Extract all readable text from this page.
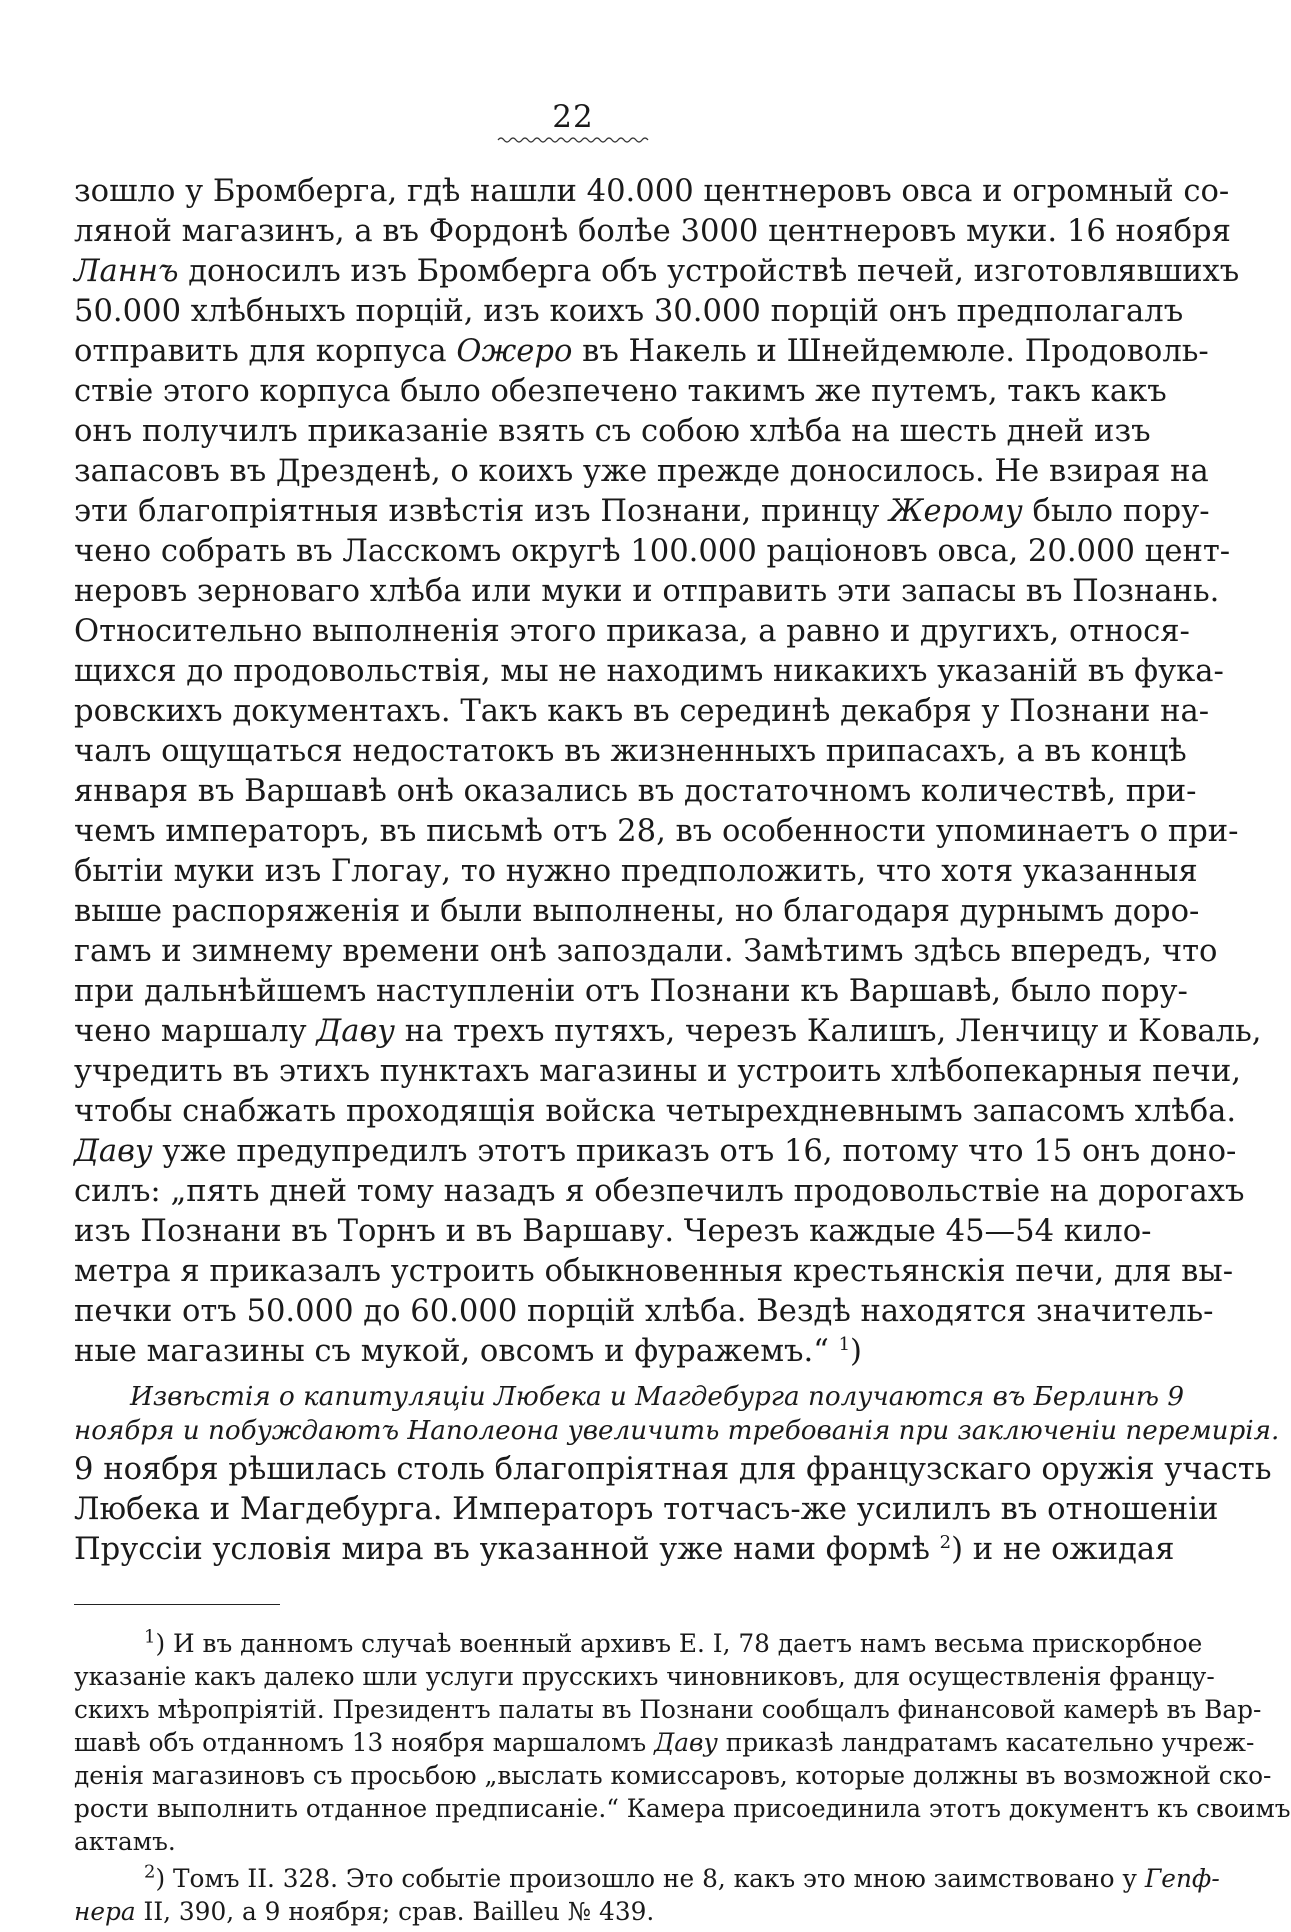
22
зошло у Бромберга, гдѣ нашли 40.000 центнеровъ овса и огромный со-
ляной магазинъ, а въ Фордонѣ болѣе 3000 центнеровъ муки. 16 ноября
Ланнъ доносилъ изъ Бромберга объ устройствѣ печей, изготовлявшихъ
50.000 хлѣбныхъ порцій, изъ коихъ 30.000 порцій онъ предполагалъ
отправить для корпуса Ожеро въ Накель и Шнейдемюле. Продоволь-
ствіе этого корпуса было обезпечено такимъ же путемъ, такъ какъ
онъ получилъ приказаніе взять съ собою хлѣба на шесть дней изъ
запасовъ въ Дрезденѣ, о коихъ уже прежде доносилось. Не взирая на
эти благопріятныя извѣстія изъ Познани, принцу Жерому было пору-
чено собрать въ Ласскомъ округѣ 100.000 раціоновъ овса, 20.000 цент-
неровъ зерноваго хлѣба или муки и отправить эти запасы въ Познань.
Относительно выполненія этого приказа, а равно и другихъ, относя-
щихся до продовольствія, мы не находимъ никакихъ указаній въ фука-
ровскихъ документахъ. Такъ какъ въ серединѣ декабря у Познани на-
чалъ ощущаться недостатокъ въ жизненныхъ припасахъ, а въ концѣ
января въ Варшавѣ онѣ оказались въ достаточномъ количествѣ, при-
чемъ императоръ, въ письмѣ отъ 28, въ особенности упоминаетъ о при-
бытіи муки изъ Глогау, то нужно предположить, что хотя указанныя
выше распоряженія и были выполнены, но благодаря дурнымъ доро-
гамъ и зимнему времени онѣ запоздали. Замѣтимъ здѣсь впередъ, что
при дальнѣйшемъ наступленіи отъ Познани къ Варшавѣ, было пору-
чено маршалу Даву на трехъ путяхъ, черезъ Калишъ, Ленчицу и Коваль,
учредить въ этихъ пунктахъ магазины и устроить хлѣбопекарныя печи,
чтобы снабжать проходящія войска четырехдневнымъ запасомъ хлѣба.
Даву уже предупредилъ этотъ приказъ отъ 16, потому что 15 онъ доно-
силъ: „пять дней тому назадъ я обезпечилъ продовольствіе на дорогахъ
изъ Познани въ Торнъ и въ Варшаву. Черезъ каждые 45—54 кило-
метра я приказалъ устроить обыкновенныя крестьянскія печи, для вы-
печки отъ 50.000 до 60.000 порцій хлѣба. Вездѣ находятся значитель-
ные магазины съ мукой, овсомъ и фуражемъ.“ $^1$)
Извѣстія о капитуляціи Любека и Магдебурга получаются въ Берлинѣ 9
ноября и побуждаютъ Наполеона увеличить требованія при заключеніи перемирія.
9 ноября рѣшилась столь благопріятная для французскаго оружія участь
Любека и Магдебурга. Императоръ тотчасъ-же усилилъ въ отношеніи
Пруссіи условія мира въ указанной уже нами формѣ $^2$) и не ожидая
$^1$) И въ данномъ случаѣ военный архивъ Е. I, 78 даетъ намъ весьма прискорбное
указаніе какъ далеко шли услуги прусскихъ чиновниковъ, для осуществленія францу-
скихъ мѣропріятій. Президентъ палаты въ Познани сообщалъ финансовой камерѣ въ Вар-
шавѣ объ отданномъ 13 ноября маршаломъ Даву приказѣ ландратамъ касательно учреж-
денія магазиновъ съ просьбою „выслать комиссаровъ, которые должны въ возможной ско-
рости выполнить отданное предписаніе.“ Камера присоединила этотъ документъ къ своимъ
актамъ.
$^2$) Томъ II. 328. Это событіе произошло не 8, какъ это мною заимствовано у Гепф-
нера II, 390, а 9 ноября; срав. Bailleu № 439.
